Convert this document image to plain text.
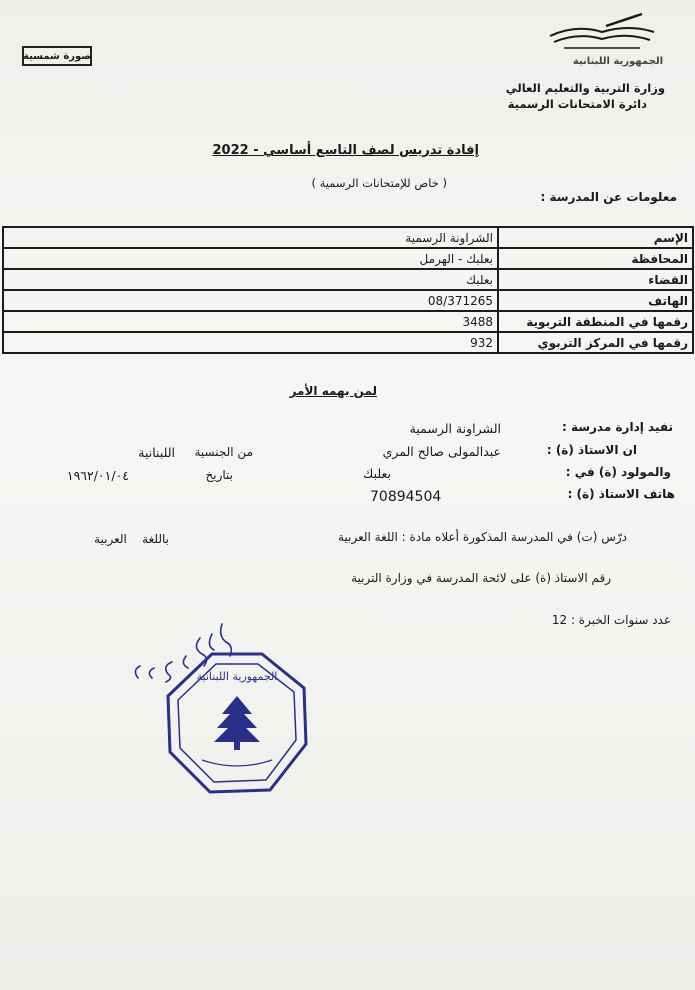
صورة شمسية	الجمهورية اللبنانية
وزارة التربية والتعليم العالي
دائرة الامتحانات الرسمية
إفادة تدريس لصف التاسع أساسي - 2022
( خاص للإمتحانات الرسمية )
معلومات عن المدرسة :
الإسم	الشراونة الرسمية
المحافظة	بعلبك - الهرمل
القضاء	بعلبك
الهاتف	08/371265
رقمها في المنطقة التربوية	3488
رقمها في المركز التربوي	932
لمن يهمه الأمر
تفيد إدارة مدرسة :
الشراونة الرسمية
ان الاستاذ (ة) :
عبدالمولى صالح المري
من الجنسية
اللبنانية
والمولود (ة) في :
بعلبك
بتاريخ
١٩٦٢/٠١/٠٤
هاتف الاستاذ (ة) :
70894504
درّس (ت) في المدرسة المذكورة أعلاه مادة : اللغة العربية
باللغة    العربية
رقم الاستاذ (ة) على لائحة المدرسة في وزارة التربية
عدد سنوات الخبرة : 12
الجمهورية اللبنانية
